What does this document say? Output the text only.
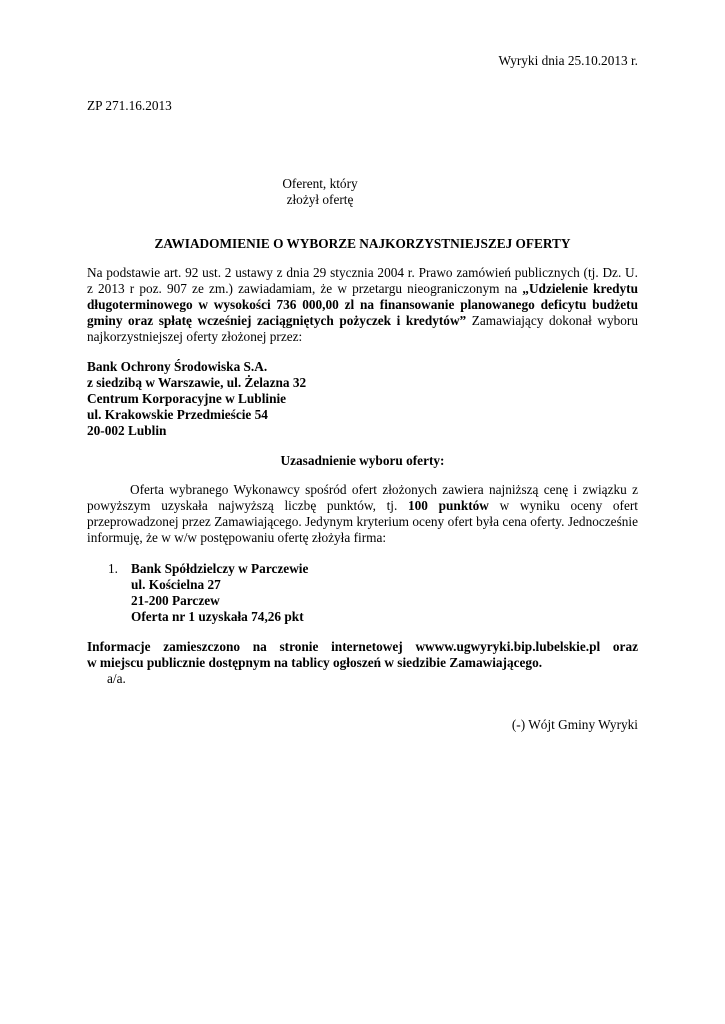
Wyryki dnia 25.10.2013 r.
ZP 271.16.2013
Oferent, który
złożył ofertę
ZAWIADOMIENIE O WYBORZE NAJKORZYSTNIEJSZEJ OFERTY
Na podstawie art. 92 ust. 2 ustawy z dnia 29 stycznia 2004 r. Prawo zamówień publicznych (tj. Dz. U. z 2013 r poz. 907 ze zm.) zawiadamiam, że w przetargu nieograniczonym na „Udzielenie kredytu długoterminowego w wysokości 736 000,00 zl na finansowanie planowanego deficytu budżetu gminy oraz spłatę wcześniej zaciągniętych pożyczek i kredytów” Zamawiający dokonał wyboru najkorzystniejszej oferty złożonej przez:
Bank Ochrony Środowiska S.A.
z siedzibą w Warszawie, ul. Żelazna 32
Centrum Korporacyjne w Lublinie
ul. Krakowskie Przedmieście 54
20-002 Lublin
Uzasadnienie wyboru oferty:
Oferta wybranego Wykonawcy spośród ofert złożonych zawiera najniższą cenę i związku z powyższym uzyskała najwyższą liczbę punktów, tj. 100 punktów w wyniku oceny ofert przeprowadzonej przez Zamawiającego. Jedynym kryterium oceny ofert była cena oferty. Jednocześnie informuję, że w w/w postępowaniu ofertę złożyła firma:
1. Bank Spółdzielczy w Parczewie
ul. Kościelna 27
21-200 Parczew
Oferta nr 1 uzyskała 74,26 pkt
Informacje zamieszczono na stronie internetowej wwww.ugwyryki.bip.lubelskie.pl oraz
w miejscu publicznie dostępnym na tablicy ogłoszeń w siedzibie Zamawiającego.
a/a.
(-) Wójt Gminy Wyryki
